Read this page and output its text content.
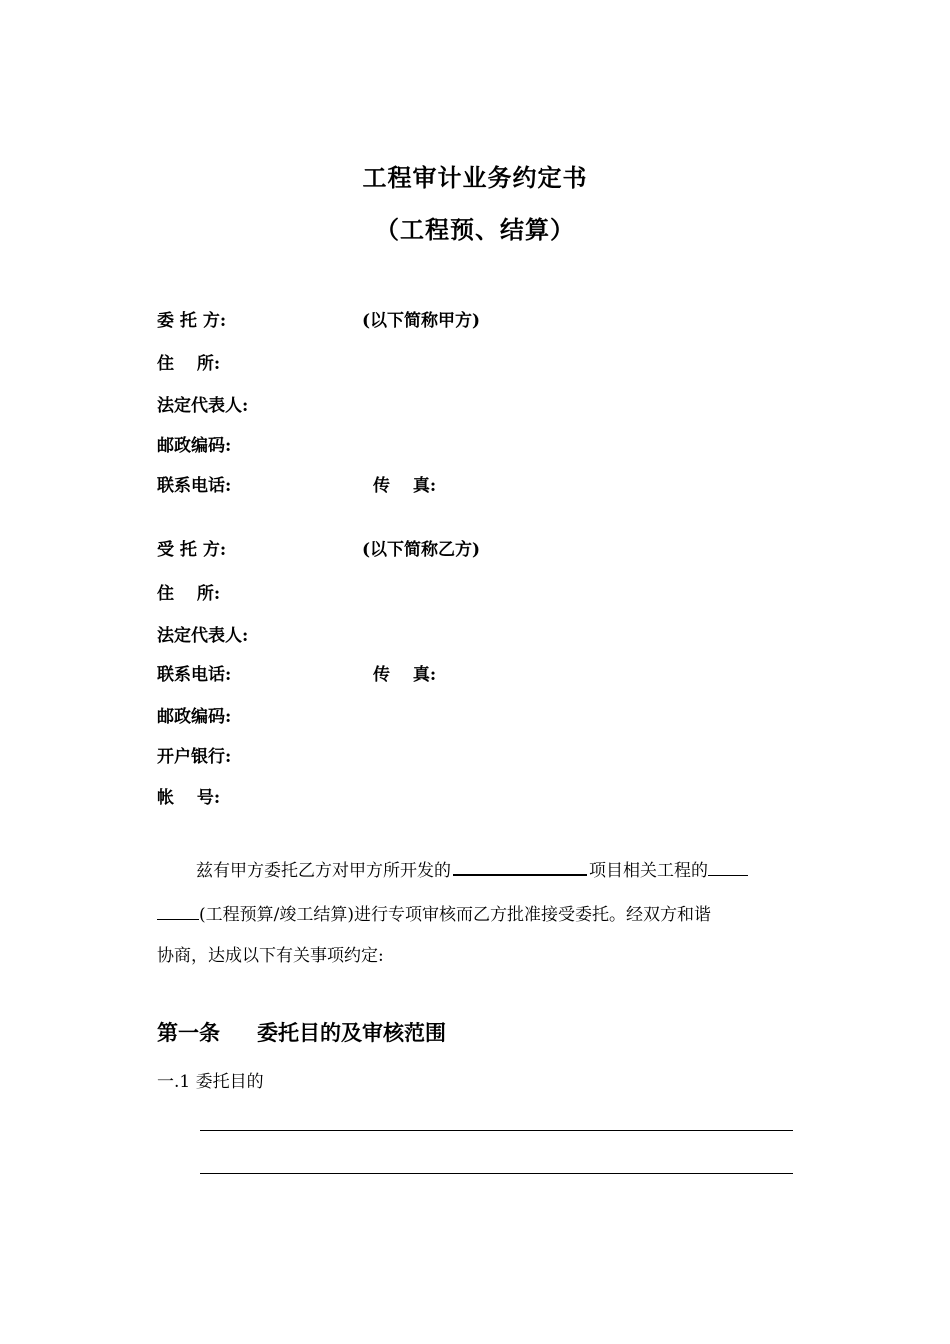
工程审计业务约定书
（工程预、结算）
委 托 方:	(以下简称甲方)
住　 所:
法定代表人:
邮政编码:
联系电话:	传　 真:
受 托 方:	(以下简称乙方)
住　 所:
法定代表人:
联系电话:	传　 真:
邮政编码:
开户银行:
帐　 号:
兹有甲方委托乙方对甲方所开发的	项目相关工程的
(工程预算/竣工结算)进行专项审核而乙方批准接受委托。经双方和谐
协商，达成以下有关事项约定:
第一条 委托目的及审核范围
一.1 委托目的
